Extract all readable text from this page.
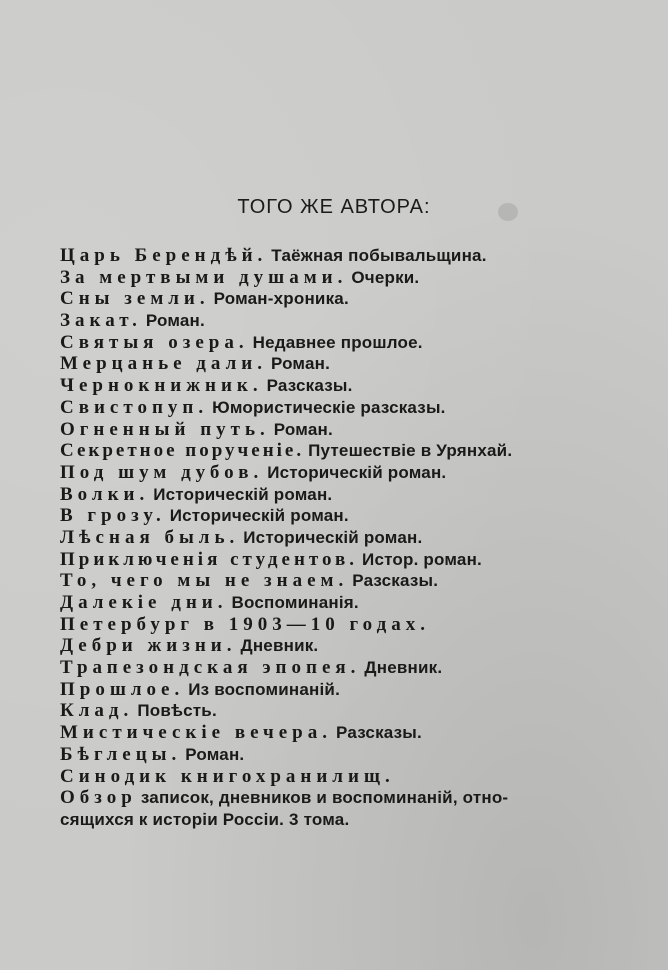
ТОГО ЖЕ АВТОРА:
Царь Берендѣй. Таёжная побывальщина.
За мертвыми душами. Очерки.
Сны земли. Роман-хроника.
Закат. Роман.
Святыя озера. Недавнее прошлое.
Мерцанье дали. Роман.
Чернокнижник. Разсказы.
Свистопуп. Юмористическіе разсказы.
Огненный путь. Роман.
Секретное порученіе. Путешествіе в Урянхай.
Под шум дубов. Историческій роман.
Волки. Историческій роман.
В грозу. Историческій роман.
Лѣсная быль. Историческій роман.
Приключенія студентов. Истор. роман.
То, чего мы не знаем. Разсказы.
Далекіе дни. Воспоминанія.
Петербург в 1903—10 годах.
Дебри жизни. Дневник.
Трапезондская эпопея. Дневник.
Прошлое. Из воспоминаній.
Клад. Повѣсть.
Мистическіе вечера. Разсказы.
Бѣглецы. Роман.
Синодик книгохранилищ.
Обзор записок, дневников и воспоминаній, отно-
сящихся к исторіи Россіи. 3 тома.
